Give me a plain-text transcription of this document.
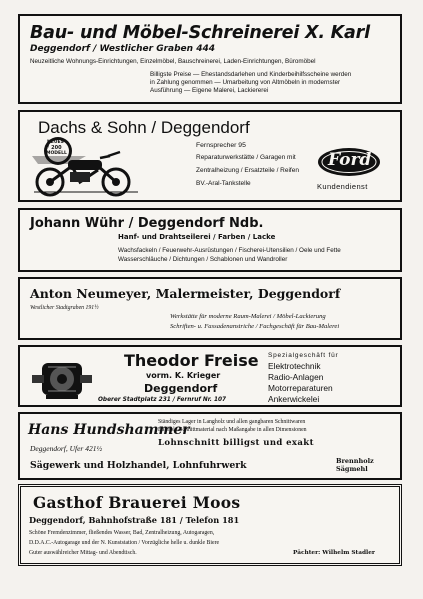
Bau- und Möbel-Schreinerei X. Karl
Deggendorf / Westlicher Graben 444
Neuzeitliche Wohnungs-Einrichtungen, Einzelmöbel, Bauschreinerei, Laden-Einrichtungen, Büromöbel
Billigste Preise — Ehestandsdarlehen und Kinderbeihilfsscheine werden
in Zahlung genommen — Umarbeitung von Altmöbeln in modernster
Ausführung — Eigene Malerei, Lackiererei
Dachs & Sohn / Deggendorf
NEUES
F 200
MODELL
Fernsprecher 95
Reparaturwerkstätte / Garagen mit
Zentralheizung / Ersatzteile / Reifen
BV.-Aral-Tankstelle
Ford
Kundendienst
Johann Wühr / Deggendorf Ndb.
Hanf- und Drahtseilerei / Farben / Lacke
Wachsfackeln / Feuerwehr-Ausrüstungen / Fischerei-Utensilien / Oele und Fette
Wasserschläuche / Dichtungen / Schablonen und Wandroller
Anton Neumeyer, Malermeister, Deggendorf
Westlicher Stadtgraben 191½
Werkstätte für moderne Raum-Malerei / Möbel-Lackierung
Schriften- u. Fassadenanstriche / Fachgeschäft für Bau-Malerei
Theodor Freise
vorm. K. Krieger
Deggendorf
Oberer Stadtplatz 231 / Fernruf Nr. 107
Spezialgeschäft für
Elektrotechnik
Radio-Anlagen
Motorreparaturen
Ankerwickelei
Hans Hundshammer
Deggendorf, Ufer 421½
Ständiges Lager in Langholz und allen gangbaren Schnittwaren
Bauholz-Schnittmaterial nach Maßangabe in allen Dimensionen
Lohnschnitt billigst und exakt
Sägewerk und Holzhandel, Lohnfuhrwerk	Brennholz
Sägmehl
Gasthof Brauerei Moos
Deggendorf, Bahnhofstraße 181 / Telefon 181
Schöne Fremdenzimmer, fließendes Wasser, Bad, Zentralheizung, Autogaragen,
D.D.A.C.-Autogarage und der N. Kunststation / Vorzügliche helle u. dunkle Biere
Guter auswählreicher Mittag- und Abendtisch.	Pächter: Wilhelm Stadler
